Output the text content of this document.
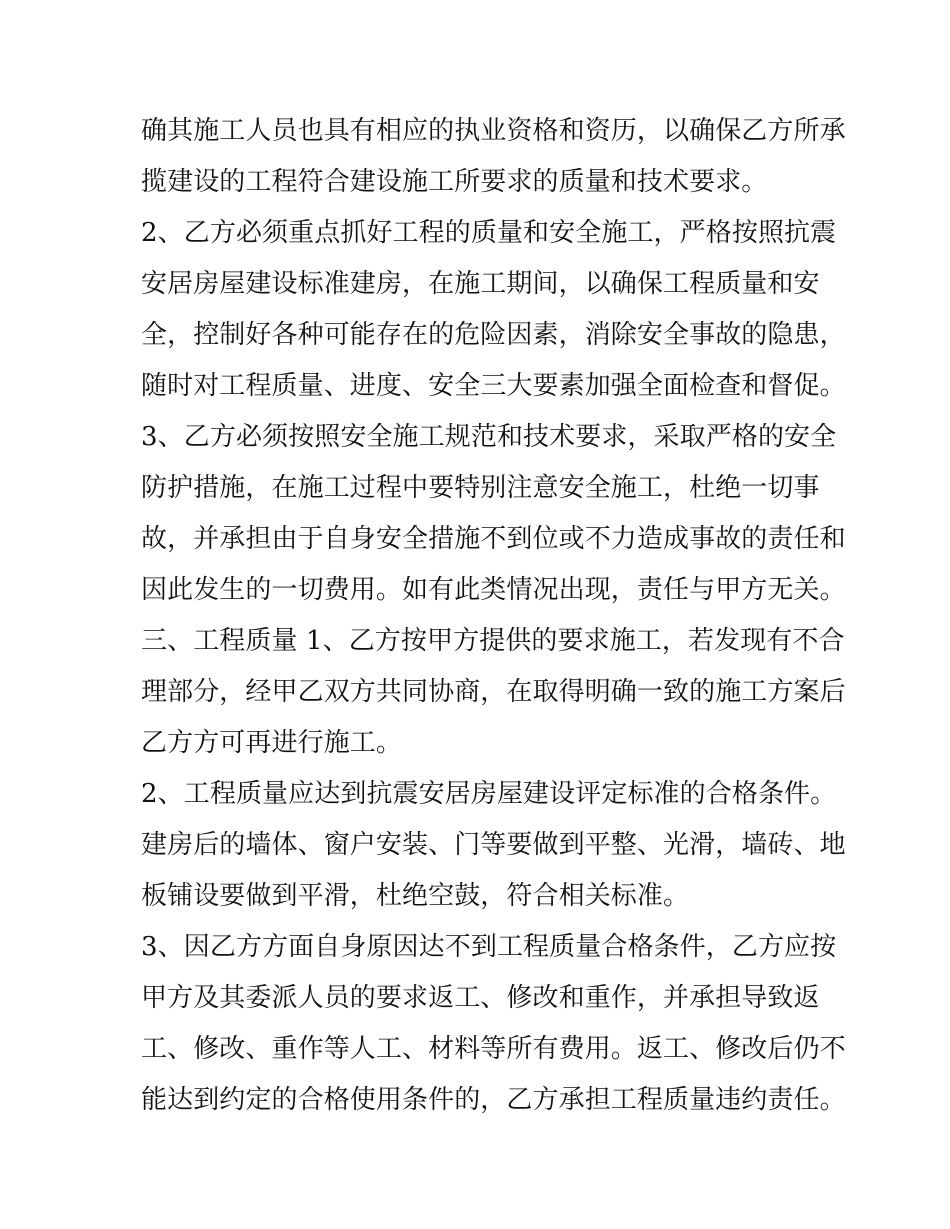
确其施工人员也具有相应的执业资格和资历，以确保乙方所承
揽建设的工程符合建设施工所要求的质量和技术要求。
2、乙方必须重点抓好工程的质量和安全施工，严格按照抗震
安居房屋建设标准建房，在施工期间，以确保工程质量和安
全，控制好各种可能存在的危险因素，消除安全事故的隐患，
随时对工程质量、进度、安全三大要素加强全面检查和督促。
3、乙方必须按照安全施工规范和技术要求，采取严格的安全
防护措施，在施工过程中要特别注意安全施工，杜绝一切事
故，并承担由于自身安全措施不到位或不力造成事故的责任和
因此发生的一切费用。如有此类情况出现，责任与甲方无关。
三、工程质量 1、乙方按甲方提供的要求施工，若发现有不合
理部分，经甲乙双方共同协商，在取得明确一致的施工方案后
乙方方可再进行施工。
2、工程质量应达到抗震安居房屋建设评定标准的合格条件。
建房后的墙体、窗户安装、门等要做到平整、光滑，墙砖、地
板铺设要做到平滑，杜绝空鼓，符合相关标准。
3、因乙方方面自身原因达不到工程质量合格条件，乙方应按
甲方及其委派人员的要求返工、修改和重作，并承担导致返
工、修改、重作等人工、材料等所有费用。返工、修改后仍不
能达到约定的合格使用条件的，乙方承担工程质量违约责任。
